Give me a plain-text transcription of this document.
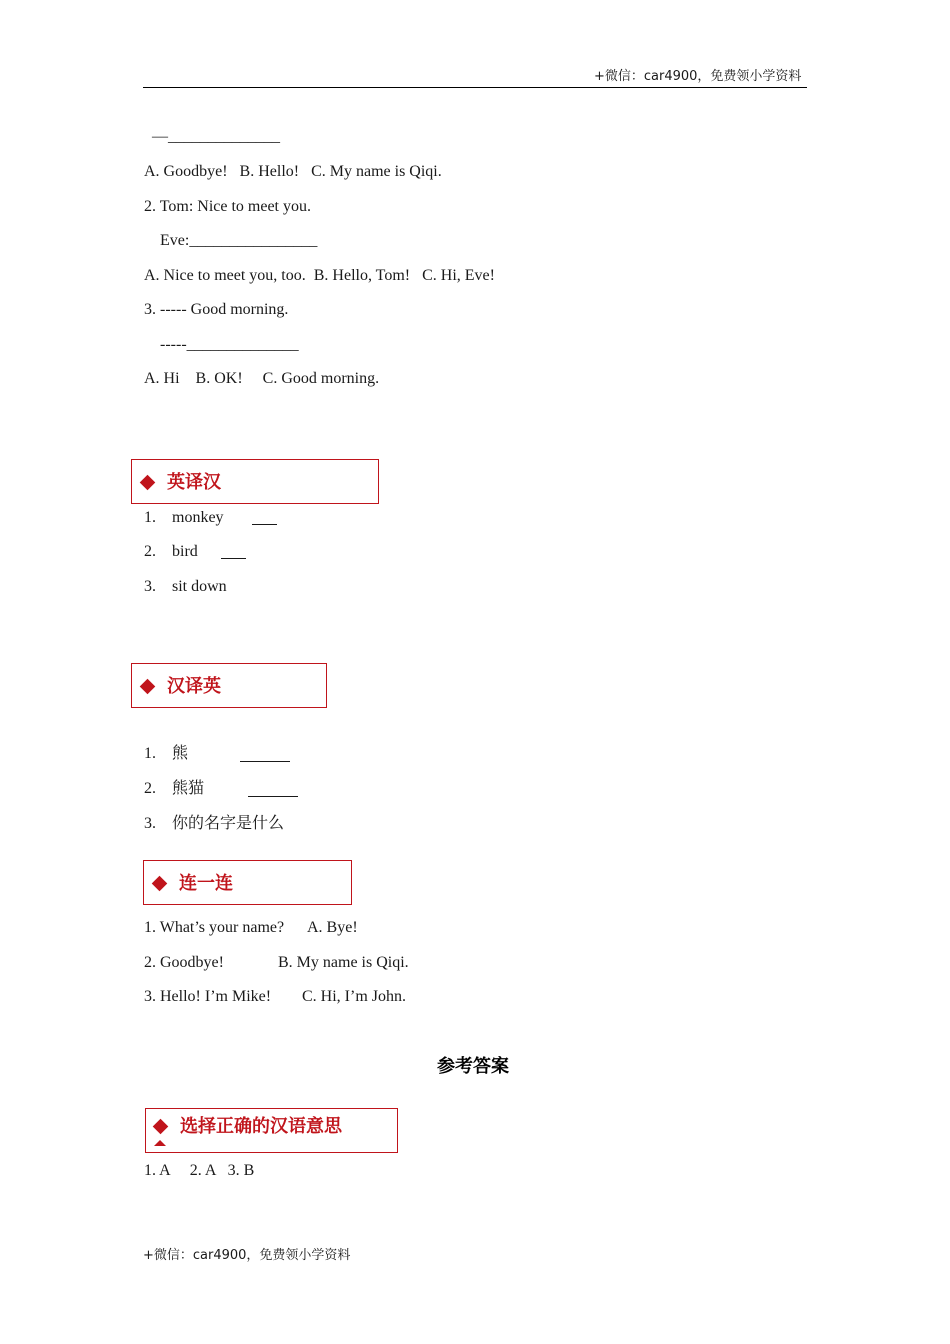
+微信：car4900，免费领小学资料
—______________
A. Goodbye!   B. Hello!   C. My name is Qiqi.
2. Tom: Nice to meet you.
Eve:________________
A. Nice to meet you, too.  B. Hello, Tom!   C. Hi, Eve!
3. ----- Good morning.
-----______________
A. Hi    B. OK!     C. Good morning.
英译汉
1. monkey
2. bird
3. sit down
汉译英
1. 熊
2. 熊猫
3. 你的名字是什么
连一连
1. What’s your name? A. Bye!
2. Goodbye!	B. My name is Qiqi.
3. Hello! I’m Mike! C. Hi, I’m John.
参考答案
选择正确的汉语意思
1. A     2. A   3. B
+微信：car4900，免费领小学资料
